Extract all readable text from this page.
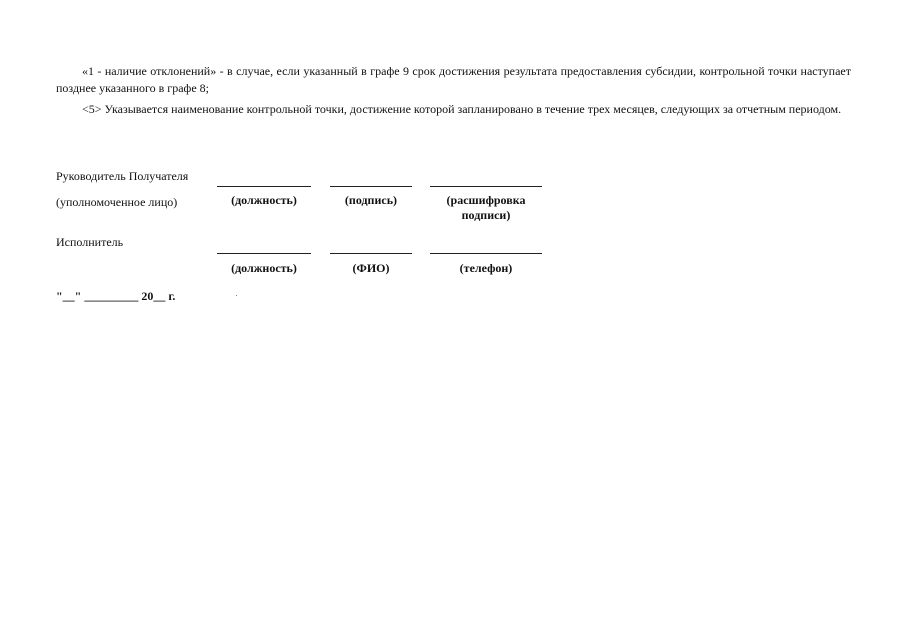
«1 - наличие отклонений» - в случае, если указанный в графе 9 срок достижения результата предоставления субсидии, контрольной точки наступает позднее указанного в графе 8;

<5> Указывается наименование контрольной точки, достижение которой запланировано в течение трех месяцев, следующих за отчетным периодом.

Руководитель Получателя
(уполномоченное лицо)	(должность)	(подпись)	(расшифровка подписи)
Исполнитель
(должность)	(ФИО)	(телефон)
"__" _________ 20__ г.
